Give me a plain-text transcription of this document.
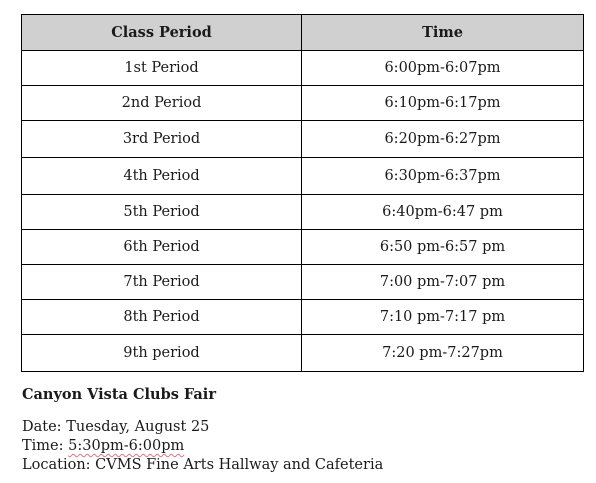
Class Period	Time
1st Period	6:00pm-6:07pm
2nd Period	6:10pm-6:17pm
3rd Period	6:20pm-6:27pm
4th Period	6:30pm-6:37pm
5th Period	6:40pm-6:47 pm
6th Period	6:50 pm-6:57 pm
7th Period	7:00 pm-7:07 pm
8th Period	7:10 pm-7:17 pm
9th period	7:20 pm-7:27pm
Canyon Vista Clubs Fair
Date: Tuesday, August 25
Time: 5:30pm-6:00pm
Location: CVMS Fine Arts Hallway and Cafeteria
